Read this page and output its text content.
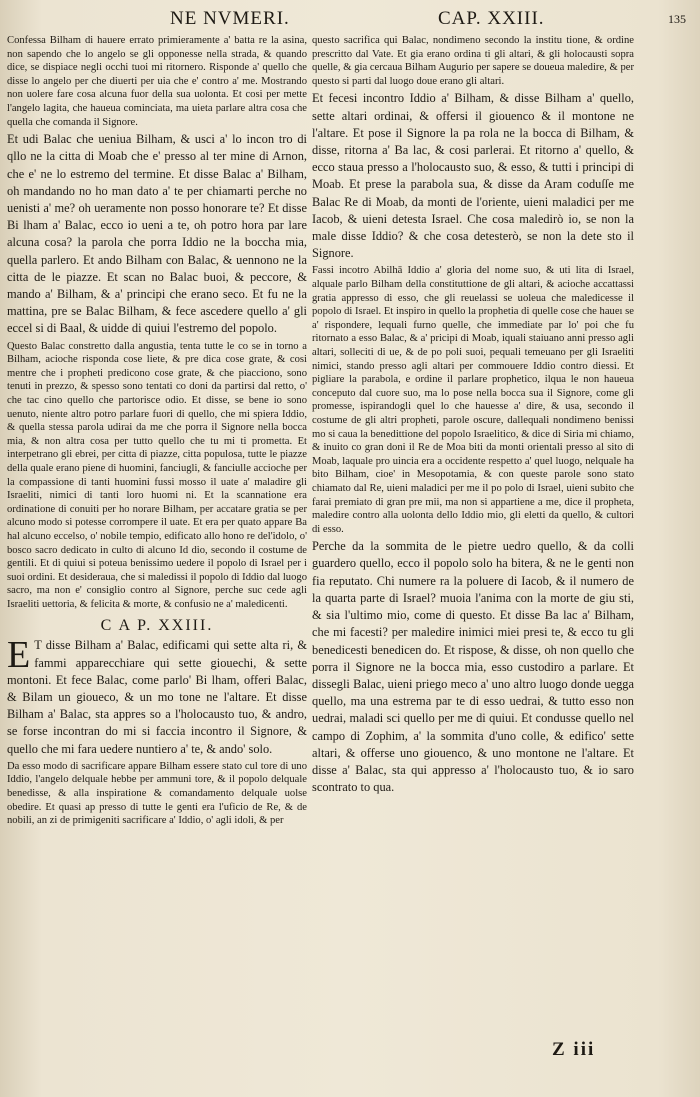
NE NVMERI.	CAP. XXIII.	135

Confessa Bilham di hauere errato primieramente a' batta re la asina, non sapendo che lo angelo se gli opponesse nella strada, & quando dice, se dispiace negli occhi tuoi mi ritornero. Risponde a' quello che disse lo angelo per che diuerti per uia che e' contro a' me. Mostrando non uolere fare cosa alcuna fuor della sua uolonta. Et cosi per mette l'angelo lagita, che haueua cominciata, ma uieta parlare altra cosa che quella che comanda il Signore.

Et udi Balac che ueniua Bilham, & usci a' lo incon tro di qllo ne la citta di Moab che e' presso al ter mine di Arnon, che e' ne lo estremo del termine. Et disse Balac a' Bilham, oh mandando no ho man dato a' te per chiamarti perche no uenisti a' me? oh ueramente non posso honorare te? Et disse Bi lham a' Balac, ecco io ueni a te, oh potro hora par lare alcuna cosa? la parola che porra Iddio ne la boccha mia, quella parlero. Et ando Bilham con Balac, & uennono ne la citta de le piazze. Et scan no Balac buoi, & peccore, & mando a' Bilham, & a' principi che erano seco. Et fu ne la mattina, pre se Balac Bilham, & fece ascedere quello a' gli eccel si di Baal, & uidde di quiui l'estremo del popolo.

Questo Balac constretto dalla angustia, tenta tutte le co se in torno a Bilham, acioche risponda cose liete, & pre dica cose grate, & cosi mentre che i propheti predicono cose grate, & che piacciono, sono tenuti in prezzo, & spesso sono tentati co doni da partirsi dal retto, o' che tac cino quello che partorisce odio. Et disse, se bene io sono uenuto, niente altro potro parlare fuori di quello, che mi spiera Iddio, & quella stessa parola udirai da me che porra il Signore nella bocca mia, & non altra cosa per tutto quello che tu mi ti prometta. Et interpetrano gli ebrei, per citta di piazze, citta populosa, tutte le piazze della quale erano piene di huomini, fanciugli, & fanciulle accioche per la compassione di tanti huomini fussi mosso il uate a' maladire gli Israeliti, nimici di tanti loro huomi ni. Et la scannatione era ordinatione di conuiti per ho norare Bilham, per accatare gratia se per alcuno modo si potesse corrompere il uate. Et era per quato appare Ba hal alcuno eccelso, o' nobile tempio, edificato allo hono re del'idolo, o' bosco sacro dedicato in culto di alcuno Id dio, secondo il costume de gentili. Et di quiui si poteua benissimo uedere il popolo di Israel per i suoi ordini. Et desideraua, che si maledissi il popolo di Iddio dal luogo sacro, ma non e' consiglio contro al Signore, perche suc cede agli Israeliti uettoria, & felicita & morte, & confusio ne a' maledicenti.

C A P. XXIII.

E T disse Bilham a' Balac, edificami qui sette alta ri, & fammi apparecchiare qui sette giouechi, & sette montoni. Et fece Balac, come parlo' Bi lham, offeri Balac, & Bilam un gioueco, & un mo tone ne l'altare. Et disse Bilham a' Balac, sta appres so a l'holocausto tuo, & andro, se forse incontran do mi si faccia incontro il Signore, & quello che mi fara uedere nuntiero a' te, & ando' solo.

Da esso modo di sacrificare appare Bilham essere stato cul tore di uno Iddio, l'angelo delquale hebbe per ammuni tore, & il popolo delquale benedisse, & alla inspiratione & comandamento delquale uolse obedire. Et quasi ap presso di tutte le genti era l'uficio de Re, & de nobili, an zi de primigeniti sacrificare a' Iddio, o' agli idoli, & per

questo sacrifica qui Balac, nondimeno secondo la institu tione, & ordine prescritto dal Vate. Et gia erano ordina ti gli altari, & gli holocausti sopra quelle, & gia cercaua Bilham Augurio per sapere se doueua maledire, & per questo si parti dal luogo doue erano gli altari.

Et fecesi incontro Iddio a' Bilham, & disse Bilham a' quello, sette altari ordinai, & offersi il giouenco & il montone ne l'altare. Et pose il Signore la pa rola ne la bocca di Bilham, & disse, ritorna a' Ba lac, & cosi parlerai. Et ritorno a' quello, & ecco staua presso a l'holocausto suo, & esso, & tutti i principi di Moab. Et prese la parabola sua, & disse da Aram coduſſe me Balac Re di Moab, da monti de l'oriente, uieni maladici per me Iacob, & uieni detesta Israel. Che cosa maledirò io, se non la male disse Iddio? & che cosa detesterò, se non la dete sto il Signore.

Fassi incotro Abilhā Iddio a' gloria del nome suo, & uti lita di Israel, alquale parlo Bilham della constituttione de gli altari, & acioche accattassi gratia appresso di esso, che gli reuelassi se uoleua che maledicesse il popolo di Israel. Et inspiro in quello la prophetia di quelle cose che haueı se a' rispondere, lequali furno quelle, che immediate par lo' poi che fu ritornato a esso Balac, & a' pricipi di Moab, iquali staiuano anni presso agli altari, solleciti di ue, & de po poli suoi, pequali temeuano per gli Israeliti nimici, stando presso agli altari per commouere Iddio contro diessi. Et pigliare la parabola, e ordine il parlare prophetico, ilqua le non haueua conceputo dal cuore suo, ma lo pose nella bocca sua il Signore, come gli promesse, ispirandogli quel lo che hauesse a' dire, & usa, secondo il costume de gli altri propheti, parole oscure, dallequali nondimeno benissi mo si caua la benedittione del popolo Israelitico, & dice di Siria mi chiamo, & inuito co gran doni il Re de Moa biti da monti orientali presso al sito di Moab, laquale pro uincia era a occidente respetto a' quel luogo, nelquale ha bito Bilham, cioe' in Mesopotamia, & con queste parole sono stato chiamato dal Re, uieni maladici per me il po polo di Israel, uieni subito che farai premiato di gran pre mii, ma non si appartiene a me, dice il propheta, maledire contro alla uolonta dello Iddio mio, gli eletti da quello, & cultori di esso.

Perche da la sommita de le pietre uedro quello, & da colli guardero quello, ecco il popolo solo ha bitera, & ne le genti non fia reputato. Chi numere ra la poluere di Iacob, & il numero de la quarta parte di Israel? muoia l'anima con la morte de giu sti, & sia l'ultimo mio, come di questo. Et disse Ba lac a' Bilham, che mi facesti? per maledire inimici miei presi te, & ecco tu gli benedicesti benedicen do. Et rispose, & disse, oh non quello che porra il Signore ne la bocca mia, esso custodiro a parlare. Et dissegli Balac, uieni priego meco a' uno altro luogo donde uegga quello, ma una estrema par te di esso uedrai, & tutto esso non uedrai, maladi sci quello per me di quiui. Et condusse quello nel campo di Zophim, a' la sommita d'uno colle, & edifico' sette altari, & offerse uno giouenco, & uno montone ne l'altare. Et disse a' Balac, sta qui appresso a' l'holocausto tuo, & io saro scontrato to qua.

Z iii
